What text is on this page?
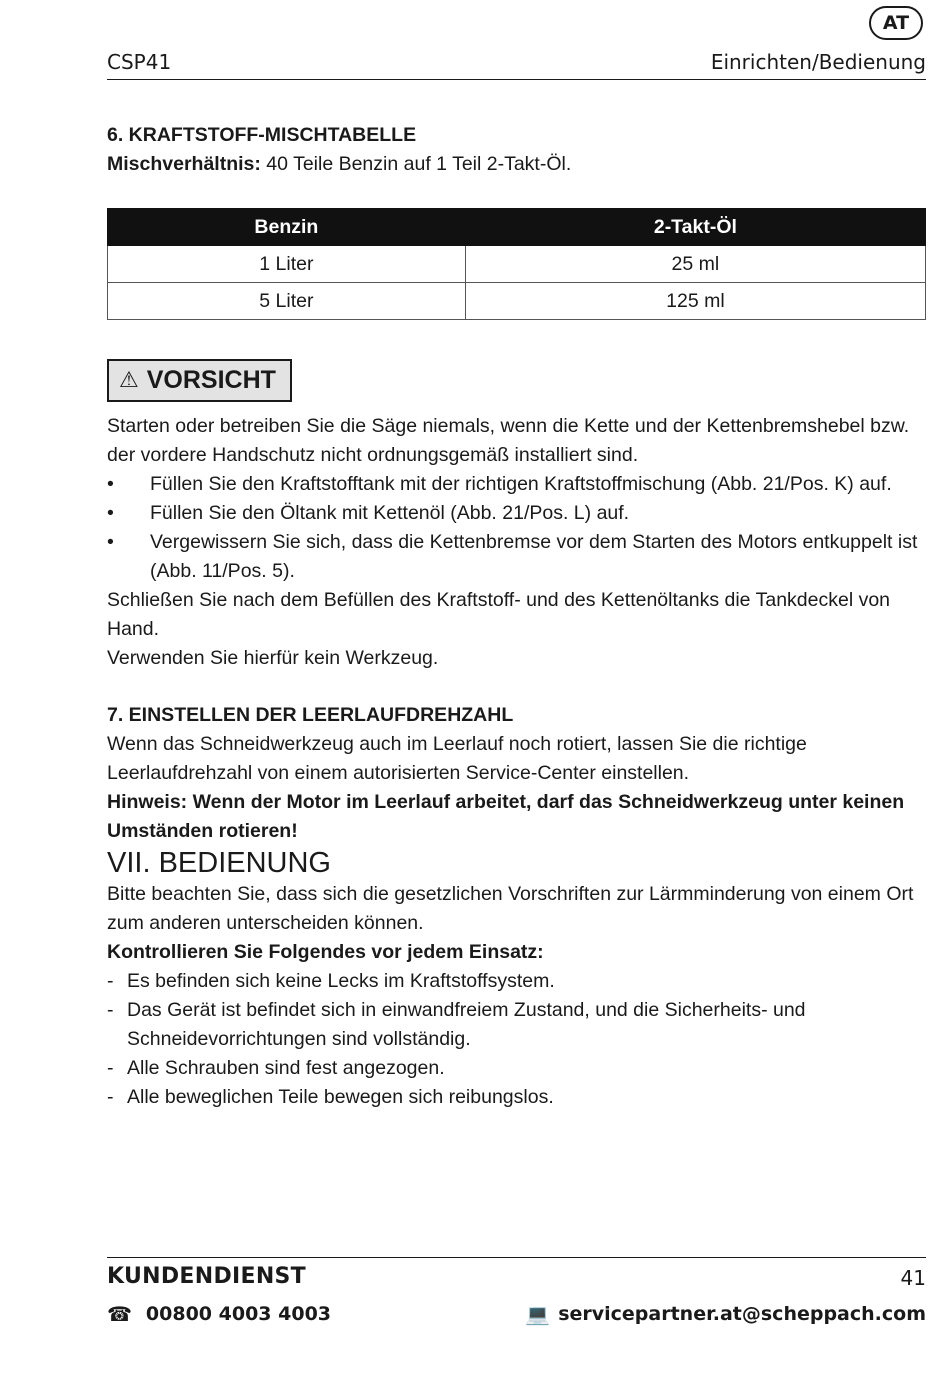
AT
CSP41	Einrichten/Bedienung

6. KRAFTSTOFF-MISCHTABELLE

Mischverhältnis: 40 Teile Benzin auf 1 Teil 2-Takt-Öl.

Benzin	2-Takt-Öl
1 Liter	25 ml
5 Liter	125 ml
⚠ VORSICHT

Starten oder betreiben Sie die Säge niemals, wenn die Kette und der Kettenbremshebel bzw. der vordere Handschutz nicht ordnungsgemäß installiert sind.

• Füllen Sie den Kraftstofftank mit der richtigen Kraftstoffmischung (Abb. 21/Pos. K) auf.
• Füllen Sie den Öltank mit Kettenöl (Abb. 21/Pos. L) auf.
• Vergewissern Sie sich, dass die Kettenbremse vor dem Starten des Motors entkuppelt ist (Abb. 11/Pos. 5).

Schließen Sie nach dem Befüllen des Kraftstoff- und des Kettenöltanks die Tankdeckel von Hand.

Verwenden Sie hierfür kein Werkzeug.

7. EINSTELLEN DER LEERLAUFDREHZAHL

Wenn das Schneidwerkzeug auch im Leerlauf noch rotiert, lassen Sie die richtige Leerlaufdrehzahl von einem autorisierten Service-Center einstellen.

Hinweis: Wenn der Motor im Leerlauf arbeitet, darf das Schneidwerkzeug unter keinen Umständen rotieren!

VII. BEDIENUNG

Bitte beachten Sie, dass sich die gesetzlichen Vorschriften zur Lärmminderung von einem Ort zum anderen unterscheiden können.

Kontrollieren Sie Folgendes vor jedem Einsatz:

- Es befinden sich keine Lecks im Kraftstoffsystem.
- Das Gerät ist befindet sich in einwandfreiem Zustand, und die Sicherheits- und Schneidevorrichtungen sind vollständig.
- Alle Schrauben sind fest angezogen.
- Alle beweglichen Teile bewegen sich reibungslos.
KUNDENDIENST	41
☎ 00800 4003 4003	💻 servicepartner.at@scheppach.com
